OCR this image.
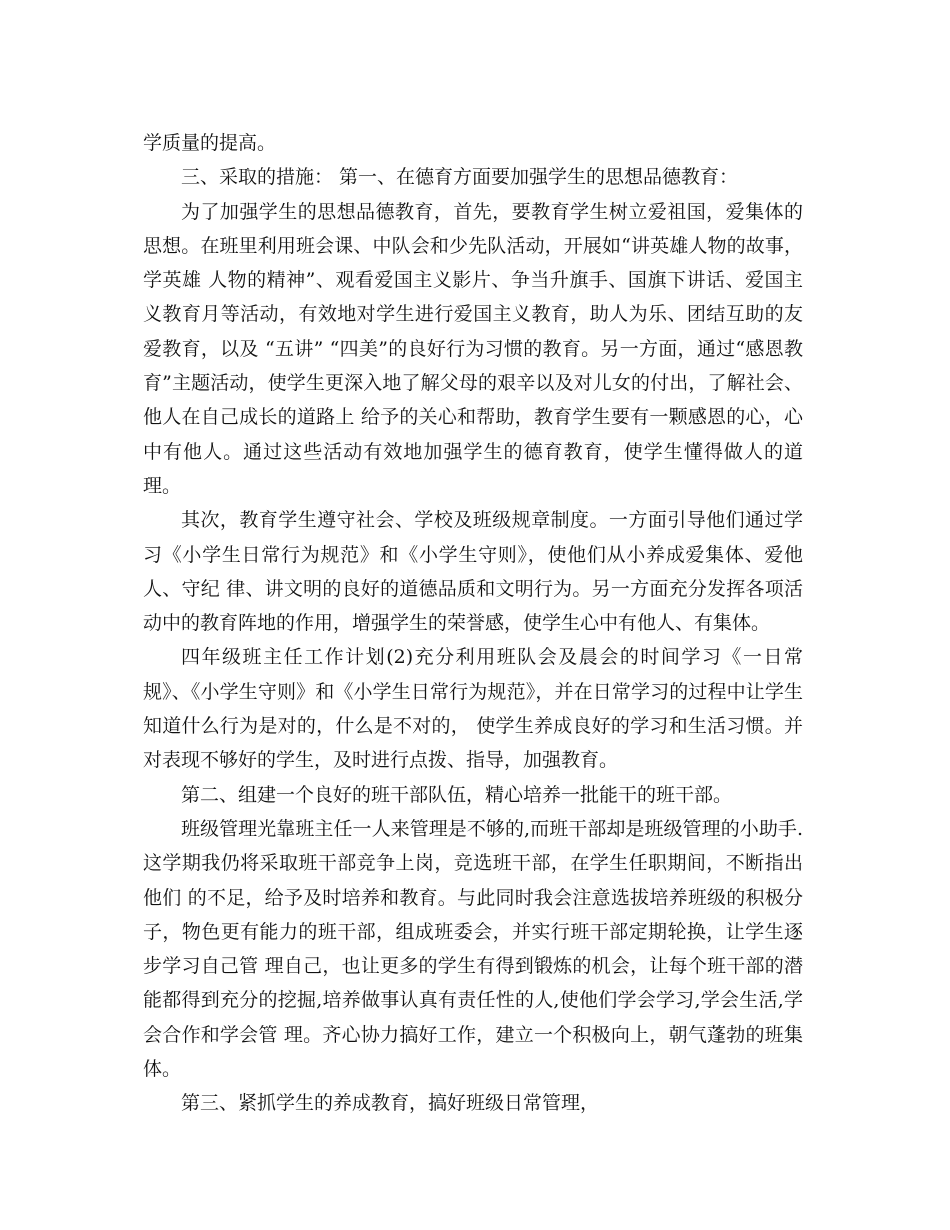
学质量的提高。

三、采取的措施： 第一、在德育方面要加强学生的思想品德教育：

为了加强学生的思想品德教育，首先，要教育学生树立爱祖国，爱集体的思想。在班里利用班会课、中队会和少先队活动，开展如“讲英雄人物的故事，学英雄 人物的精神”、观看爱国主义影片、争当升旗手、国旗下讲话、爱国主义教育月等活动，有效地对学生进行爱国主义教育，助人为乐、团结互助的友爱教育，以及 “五讲” “四美”的良好行为习惯的教育。另一方面，通过“感恩教育”主题活动，使学生更深入地了解父母的艰辛以及对儿女的付出，了解社会、他人在自己成长的道路上 给予的关心和帮助，教育学生要有一颗感恩的心，心中有他人。通过这些活动有效地加强学生的德育教育，使学生懂得做人的道理。

其次，教育学生遵守社会、学校及班级规章制度。一方面引导他们通过学习《小学生日常行为规范》和《小学生守则》，使他们从小养成爱集体、爱他人、守纪 律、讲文明的良好的道德品质和文明行为。另一方面充分发挥各项活动中的教育阵地的作用，增强学生的荣誉感，使学生心中有他人、有集体。

四年级班主任工作计划(2)充分利用班队会及晨会的时间学习《一日常规》、《小学生守则》和《小学生日常行为规范》，并在日常学习的过程中让学生知道什么行为是对的，什么是不对的， 使学生养成良好的学习和生活习惯。并对表现不够好的学生，及时进行点拨、指导，加强教育。

第二、组建一个良好的班干部队伍，精心培养一批能干的班干部。

班级管理光靠班主任一人来管理是不够的,而班干部却是班级管理的小助手.这学期我仍将采取班干部竞争上岗，竞选班干部，在学生任职期间，不断指出他们 的不足，给予及时培养和教育。与此同时我会注意选拔培养班级的积极分子，物色更有能力的班干部，组成班委会，并实行班干部定期轮换，让学生逐步学习自己管 理自己，也让更多的学生有得到锻炼的机会，让每个班干部的潜能都得到充分的挖掘,培养做事认真有责任性的人,使他们学会学习,学会生活,学会合作和学会管 理。齐心协力搞好工作，建立一个积极向上，朝气蓬勃的班集体。

第三、紧抓学生的养成教育，搞好班级日常管理，
